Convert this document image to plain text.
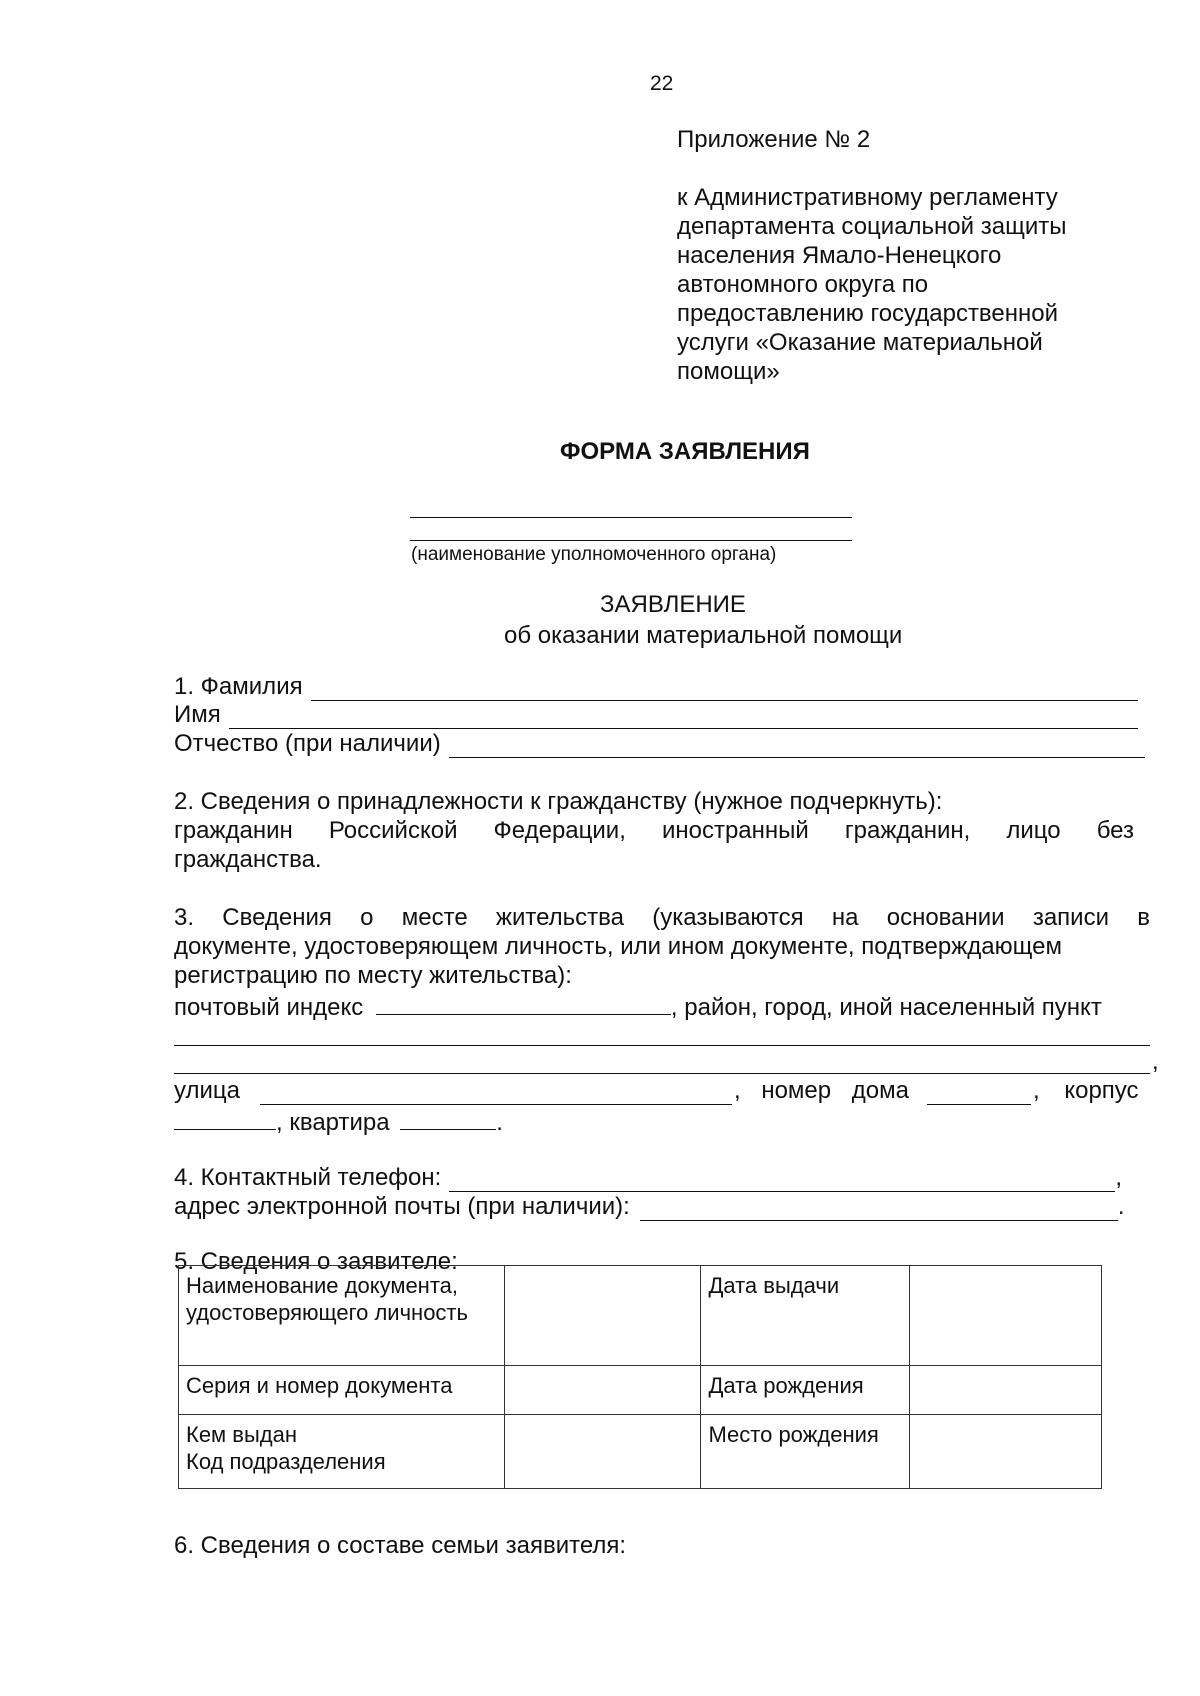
22
Приложение № 2
к Административному регламенту
департамента социальной защиты
населения Ямало-Ненецкого
автономного округа по
предоставлению государственной
услуги «Оказание материальной
помощи»
ФОРМА ЗАЯВЛЕНИЯ
(наименование уполномоченного органа)
ЗАЯВЛЕНИЕ
об оказании материальной помощи
1. Фамилия
Имя
Отчество (при наличии)
2. Сведения о принадлежности к гражданству (нужное подчеркнуть):
гражданин Российской Федерации, иностранный гражданин, лицо без
гражданства.
3. Сведения о месте жительства (указываются на основании записи в
документе, удостоверяющем личность, или ином документе, подтверждающем
регистрацию по месту жительства):
почтовый индекс	, район, город, иной населенный пункт
,
улица	, номер дома	, корпус
, квартира	.
4. Контактный телефон:	,
адрес электронной почты (при наличии):	.
5. Сведения о заявителе:
Наименование документа, удостоверяющего личность		Дата выдачи	
Серия и номер документа		Дата рождения	
Кем выдан
Код подразделения		Место рождения	
6. Сведения о составе семьи заявителя:
